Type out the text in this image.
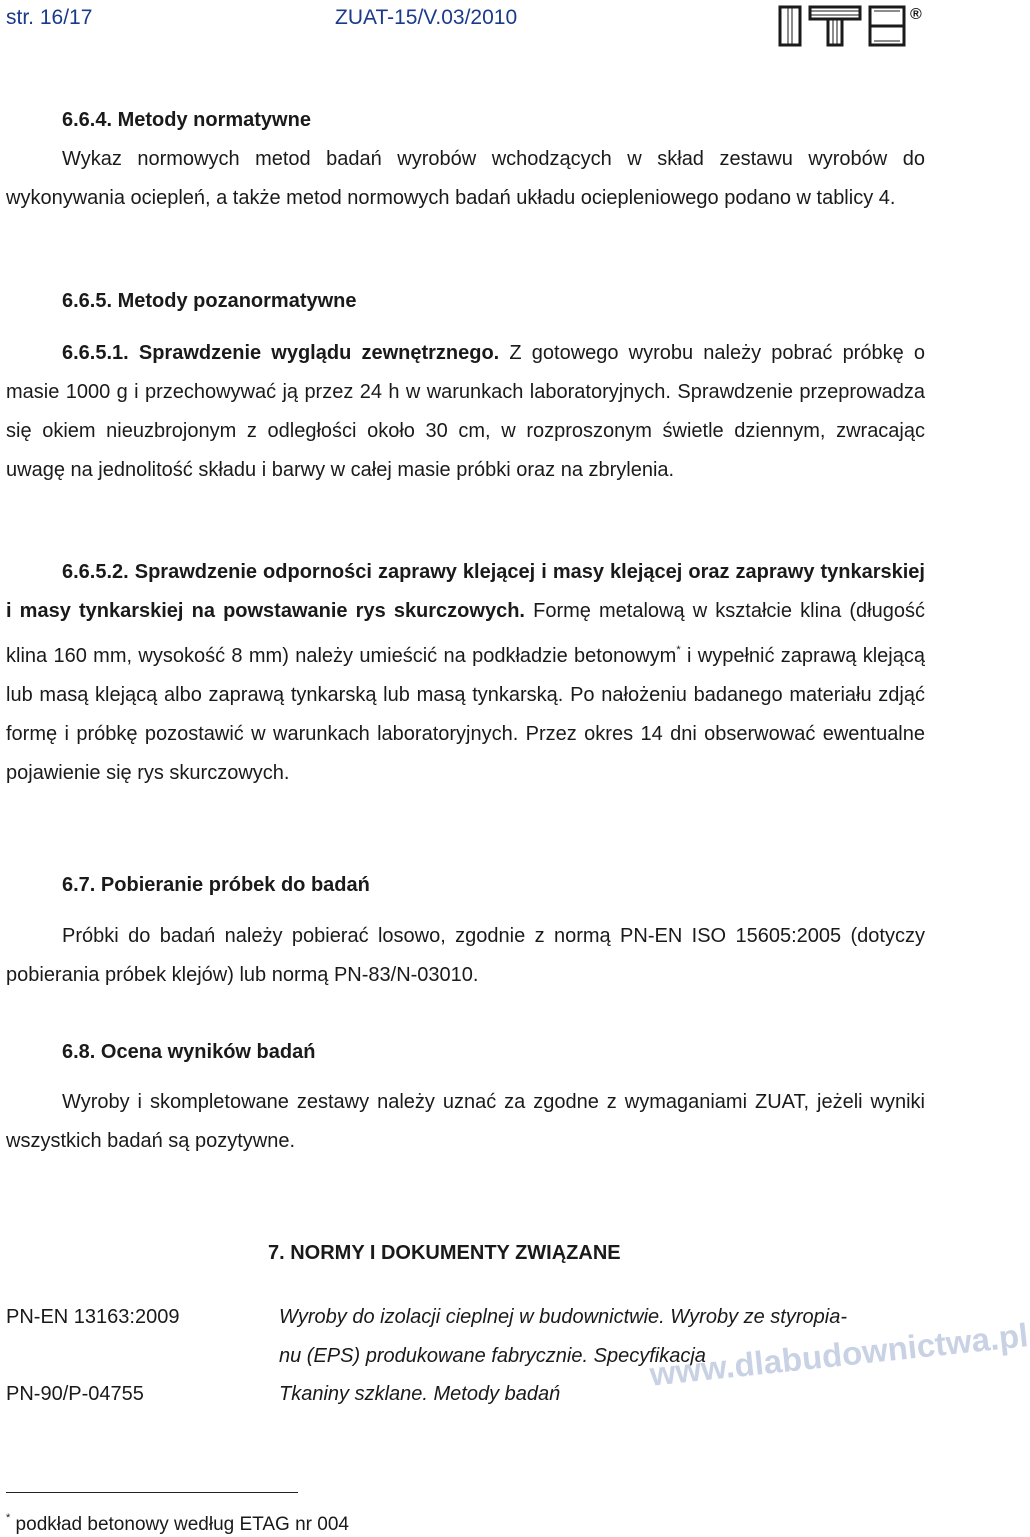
str. 16/17	ZUAT-15/V.03/2010	®
6.6.4. Metody normatywne
Wykaz normowych metod badań wyrobów wchodzących w skład zestawu wyrobów do wykonywania ociepleń, a także metod normowych badań układu ociepleniowego podano w tablicy 4.
6.6.5. Metody pozanormatywne
6.6.5.1. Sprawdzenie wyglądu zewnętrznego. Z gotowego wyrobu należy pobrać próbkę o masie 1000 g i przechowywać ją przez 24 h w warunkach laboratoryjnych. Sprawdzenie przeprowadza się okiem nieuzbrojonym z odległości około 30 cm, w rozproszonym świetle dziennym, zwracając uwagę na jednolitość składu i barwy w całej masie próbki oraz na zbrylenia.
6.6.5.2. Sprawdzenie odporności zaprawy klejącej i masy klejącej oraz zaprawy tynkarskiej i masy tynkarskiej na powstawanie rys skurczowych. Formę metalową w kształcie klina (długość klina 160 mm, wysokość 8 mm) należy umieścić na podkładzie betonowym* i wypełnić zaprawą klejącą lub masą klejącą albo zaprawą tynkarską lub masą tynkarską. Po nałożeniu badanego materiału zdjąć formę i próbkę pozostawić w warunkach laboratoryjnych. Przez okres 14 dni obserwować ewentualne pojawienie się rys skurczowych.
6.7. Pobieranie próbek do badań
Próbki do badań należy pobierać losowo, zgodnie z normą PN-EN ISO 15605:2005 (dotyczy pobierania próbek klejów) lub normą PN-83/N-03010.
6.8. Ocena wyników badań
Wyroby i skompletowane zestawy należy uznać za zgodne z wymaganiami ZUAT, jeżeli wyniki wszystkich badań są pozytywne.
7. NORMY I DOKUMENTY ZWIĄZANE
PN-EN 13163:2009	Wyroby do izolacji cieplnej w budownictwie. Wyroby ze styropia-
nu (EPS) produkowane fabrycznie. Specyfikacja
PN-90/P-04755	Tkaniny szklane. Metody badań
www.dlabudownictwa.pl
* podkład betonowy według ETAG nr 004
